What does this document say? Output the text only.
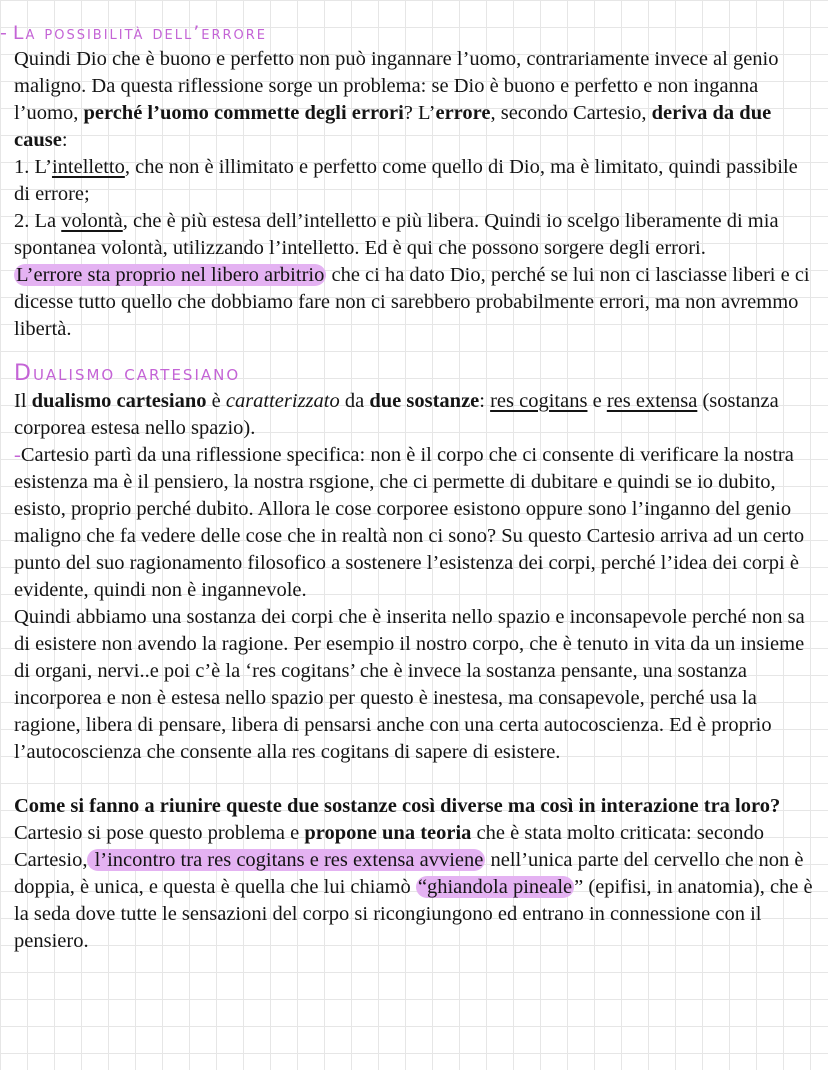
- La possibilità dell’errore

Quindi Dio che è buono e perfetto non può ingannare l’uomo, contrariamente invece al genio maligno. Da questa riflessione sorge un problema: se Dio è buono e perfetto e non inganna l’uomo, perché l’uomo commette degli errori? L’errore, secondo Cartesio, deriva da due cause:

1. L’intelletto, che non è illimitato e perfetto come quello di Dio, ma è limitato, quindi passibile di errore;

2. La volontà, che è più estesa dell’intelletto e più libera. Quindi io scelgo liberamente di mia spontanea volontà, utilizzando l’intelletto. Ed è qui che possono sorgere degli errori.

L’errore sta proprio nel libero arbitrio che ci ha dato Dio, perché se lui non ci lasciasse liberi e ci dicesse tutto quello che dobbiamo fare non ci sarebbero probabilmente errori, ma non avremmo libertà.

Dualismo cartesiano

Il dualismo cartesiano è caratterizzato da due sostanze: res cogitans e res extensa (sostanza corporea estesa nello spazio).

-Cartesio partì da una riflessione specifica: non è il corpo che ci consente di verificare la nostra esistenza ma è il pensiero, la nostra rsgione, che ci permette di dubitare e quindi se io dubito, esisto, proprio perché dubito. Allora le cose corporee esistono oppure sono l’inganno del genio maligno che fa vedere delle cose che in realtà non ci sono? Su questo Cartesio arriva ad un certo punto del suo ragionamento filosofico a sostenere l’esistenza dei corpi, perché l’idea dei corpi è evidente, quindi non è ingannevole.

Quindi abbiamo una sostanza dei corpi che è inserita nello spazio e inconsapevole perché non sa di esistere non avendo la ragione. Per esempio il nostro corpo, che è tenuto in vita da un insieme di organi, nervi..e poi c’è la ‘res cogitans’ che è invece la sostanza pensante, una sostanza incorporea e non è estesa nello spazio per questo è inestesa, ma consapevole, perché usa la ragione, libera di pensare, libera di pensarsi anche con una certa autocoscienza. Ed è proprio l’autocoscienza che consente alla res cogitans di sapere di esistere.

Come si fanno a riunire queste due sostanze così diverse ma così in interazione tra loro? Cartesio si pose questo problema e propone una teoria che è stata molto criticata: secondo Cartesio, l’incontro tra res cogitans e res extensa avviene nell’unica parte del cervello che non è doppia, è unica, e questa è quella che lui chiamò “ghiandola pineale” (epifisi, in anatomia), che è la seda dove tutte le sensazioni del corpo si ricongiungono ed entrano in connessione con il pensiero.
